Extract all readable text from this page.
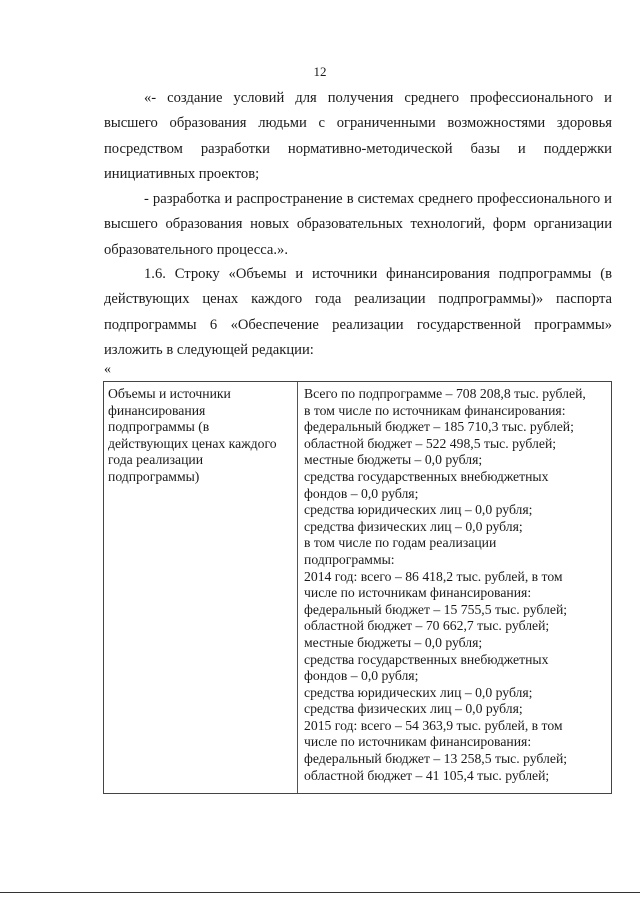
12

«- создание условий для получения среднего профессионального и
высшего образования людьми с ограниченными возможностями здоровья
посредством разработки нормативно-методической базы и поддержки
инициативных проектов;

- разработка и распространение в системах среднего профессионального и
высшего образования новых образовательных технологий, форм организации
образовательного процесса.».

1.6. Строку «Объемы и источники финансирования подпрограммы (в
действующих ценах каждого года реализации подпрограммы)» паспорта
подпрограммы 6 «Обеспечение реализации государственной программы»
изложить в следующей редакции:

«
Объемы и источники
финансирования
подпрограммы (в
действующих ценах каждого
года реализации
подпрограммы)
Всего по подпрограмме – 708 208,8 тыс. рублей,
в том числе по источникам финансирования:
федеральный бюджет – 185 710,3 тыс. рублей;
областной бюджет – 522 498,5 тыс. рублей;
местные бюджеты – 0,0 рубля;
средства государственных внебюджетных
фондов – 0,0 рубля;
средства юридических лиц – 0,0 рубля;
средства физических лиц – 0,0 рубля;
в том числе по годам реализации
подпрограммы:
2014 год: всего – 86 418,2 тыс. рублей, в том
числе по источникам финансирования:
федеральный бюджет – 15 755,5 тыс. рублей;
областной бюджет – 70 662,7 тыс. рублей;
местные бюджеты – 0,0 рубля;
средства государственных внебюджетных
фондов – 0,0 рубля;
средства юридических лиц – 0,0 рубля;
средства физических лиц – 0,0 рубля;
2015 год: всего – 54 363,9 тыс. рублей, в том
числе по источникам финансирования:
федеральный бюджет – 13 258,5 тыс. рублей;
областной бюджет – 41 105,4 тыс. рублей;
